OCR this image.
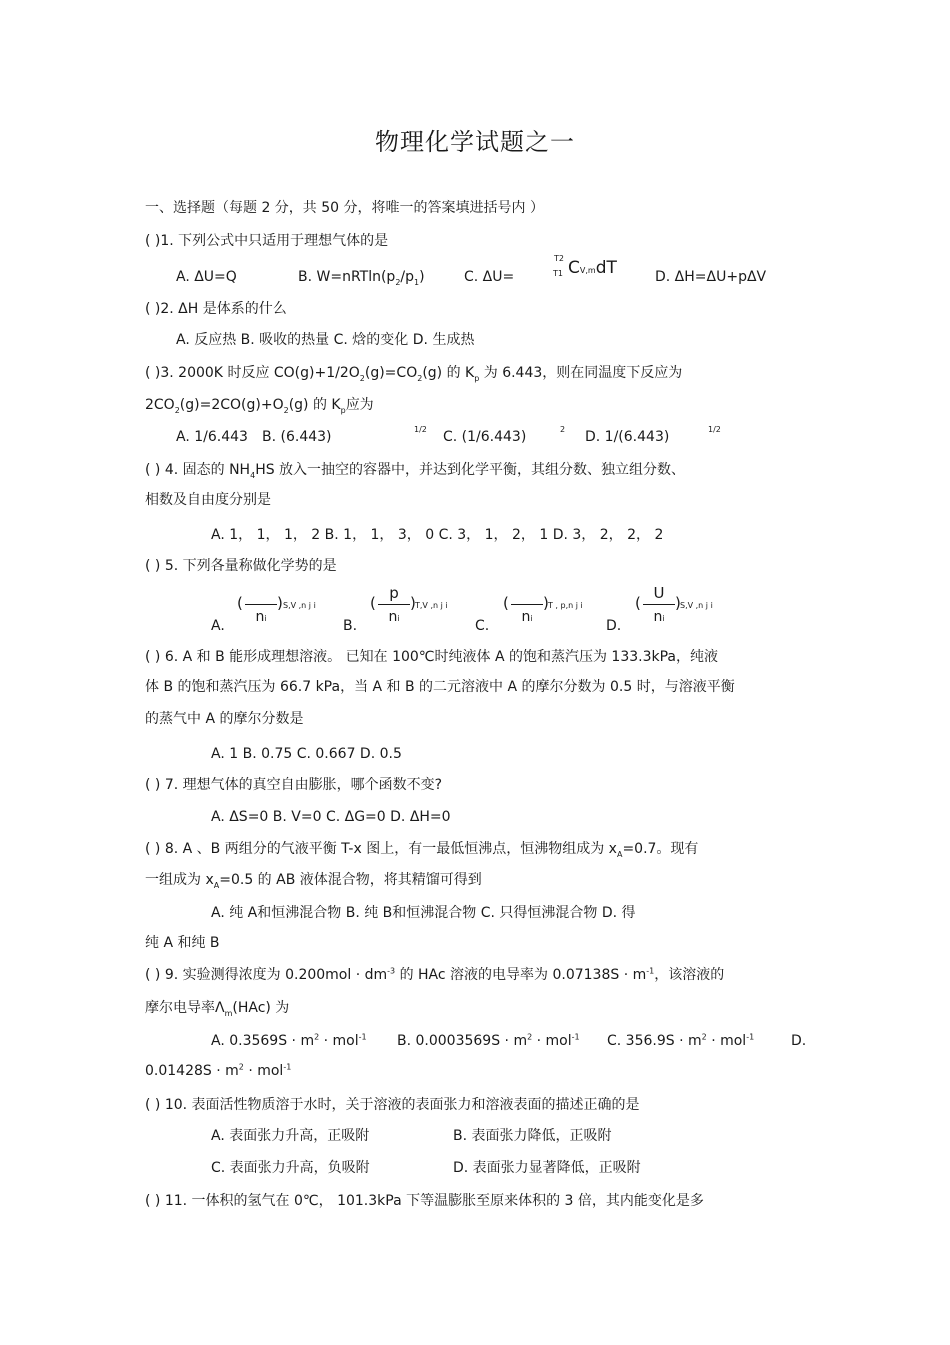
物理化学试题之一
一、选择题（每题 2 分，共 50 分，将唯一的答案填进括号内 ）
( )1. 下列公式中只适用于理想气体的是
A. ΔU=Q	B. $W=nRTln(p_2/p_1)$	C. ΔU=
T2
T1 CV,mdT	D. ΔH=ΔU+pΔV
( )2. ΔH 是体系的什么
A. 反应热 B. 吸收的热量 C. 焓的变化 D. 生成热
( )3. 2000K 时反应 $CO(g)+1/2O_2(g)=CO_2(g)$ 的 $K_p$ 为 6.443，则在同温度下反应为
$2CO_2(g)=2CO(g)+O_2(g)$ 的 $K_p$应为
A. 1/6.443 B. (6.443)	1/2 C. (1/6.443)	2 D. 1/(6.443)	1/2
( ) 4. 固态的 $NH_4HS$ 放入一抽空的容器中，并达到化学平衡，其组分数、独立组分数、
相数及自由度分别是
A. 1， 1， 1， 2 B. 1， 1， 3， 0 C. 3， 1， 2， 1 D. 3， 2， 2， 2
( ) 5. 下列各量称做化学势的是
A.
( )
ni
S,V ,n j i
B.
(
p
)
ni
T,V ,n j i
C.
( )
ni
T , p,n j i
D.
(
U
)
ni
S,V ,n j i
( ) 6. A 和 B 能形成理想溶液。 已知在 100℃时纯液体 A 的饱和蒸汽压为 133.3kPa，纯液
体 B 的饱和蒸汽压为 66.7 kPa，当 A 和 B 的二元溶液中 A 的摩尔分数为 0.5 时，与溶液平衡
的蒸气中 A 的摩尔分数是
A. 1 B. 0.75 C. 0.667 D. 0.5
( ) 7. 理想气体的真空自由膨胀，哪个函数不变?
A. ΔS=0 B. V=0 C. ΔG=0 D. ΔH=0
( ) 8. A 、B 两组分的气液平衡 T-x 图上，有一最低恒沸点，恒沸物组成为 $x_A=0.7$。现有
一组成为 $x_A=0.5$ 的 AB 液体混合物，将其精馏可得到
A. 纯 A和恒沸混合物 B. 纯 B和恒沸混合物 C. 只得恒沸混合物 D. 得
纯 A 和纯 B
( ) 9. 实验测得浓度为 $0.200mol \cdot dm^{-3}$ 的 HAc 溶液的电导率为 $0.07138S \cdot m^{-1}$，该溶液的
摩尔电导率$\Lambda_m(HAc)$ 为
A. $0.3569S \cdot m^2 \cdot mol^{-1}$ B. $0.0003569S \cdot m^2 \cdot mol^{-1}$ C. $356.9S \cdot m^2 \cdot mol^{-1}$	D.
$0.01428S \cdot m^2 \cdot mol^{-1}$
( ) 10. 表面活性物质溶于水时，关于溶液的表面张力和溶液表面的描述正确的是
A. 表面张力升高，正吸附	B. 表面张力降低，正吸附
C. 表面张力升高，负吸附	D. 表面张力显著降低，正吸附
( ) 11. 一体积的氢气在 0℃， 101.3kPa 下等温膨胀至原来体积的 3 倍，其内能变化是多
